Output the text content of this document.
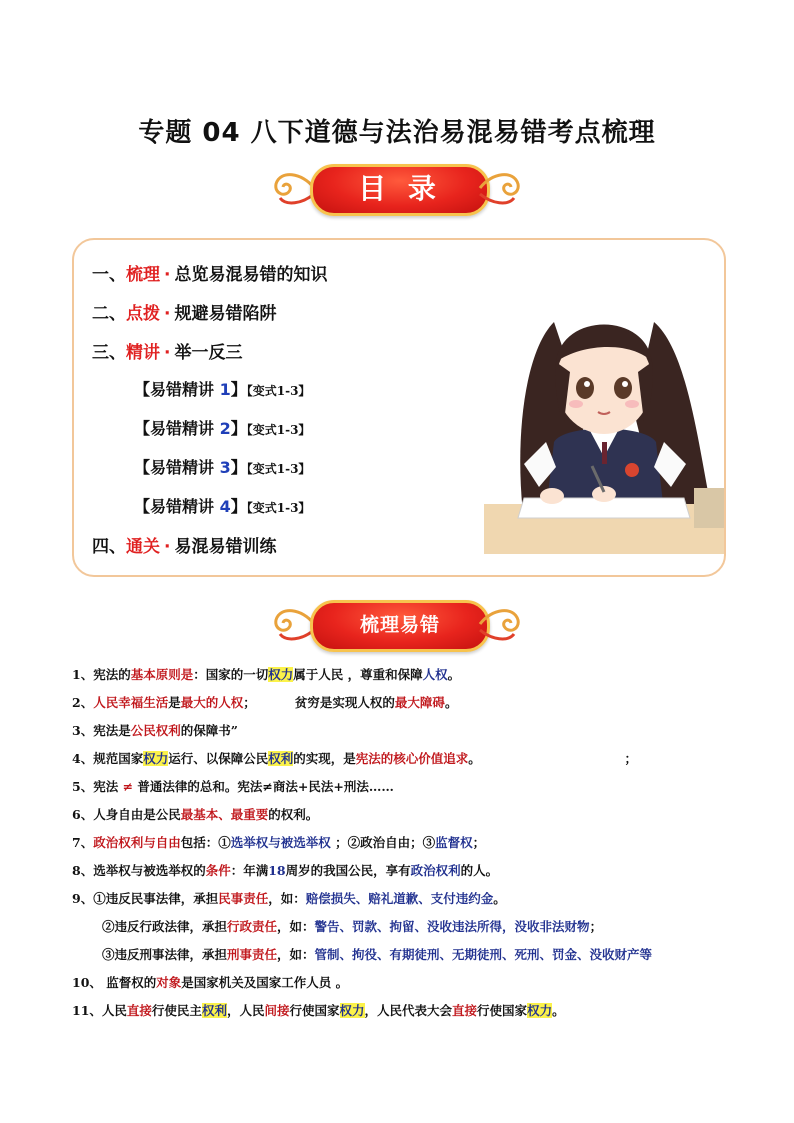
专题 04 八下道德与法治易混易错考点梳理
目 录
一、梳理 · 总览易混易错的知识
二、点拨 · 规避易错陷阱
三、精讲 · 举一反三
【易错精讲 1】【变式1-3】
【易错精讲 2】【变式1-3】
【易错精讲 3】【变式1-3】
【易错精讲 4】【变式1-3】
四、通关 · 易混易错训练
梳理易错
1、宪法的基本原则是：国家的一切权力属于人民 ，尊重和保障人权。
2、人民幸福生活是最大的人权；         贫穷是实现人权的最大障碍。
3、宪法是公民权利的保障书”
4、规范国家权力运行、以保障公民权利的实现，是宪法的核心价值追求。	；
5、宪法 ≠ 普通法律的总和。宪法≠商法+民法+刑法……
6、人身自由是公民最基本、最重要的权利。
7、政治权利与自由包括：①选举权与被选举权 ；②政治自由；③监督权；
8、选举权与被选举权的条件：年满18周岁的我国公民，享有政治权利的人。
9、①违反民事法律，承担民事责任，如：赔偿损失、赔礼道歉、支付违约金。
②违反行政法律，承担行政责任，如：警告、罚款、拘留、没收违法所得，没收非法财物；
③违反刑事法律，承担刑事责任，如：管制、拘役、有期徒刑、无期徒刑、死刑、罚金、没收财产等
10、 监督权的对象是国家机关及国家工作人员 。
11、人民直接行使民主权利，人民间接行使国家权力，人民代表大会直接行使国家权力。
